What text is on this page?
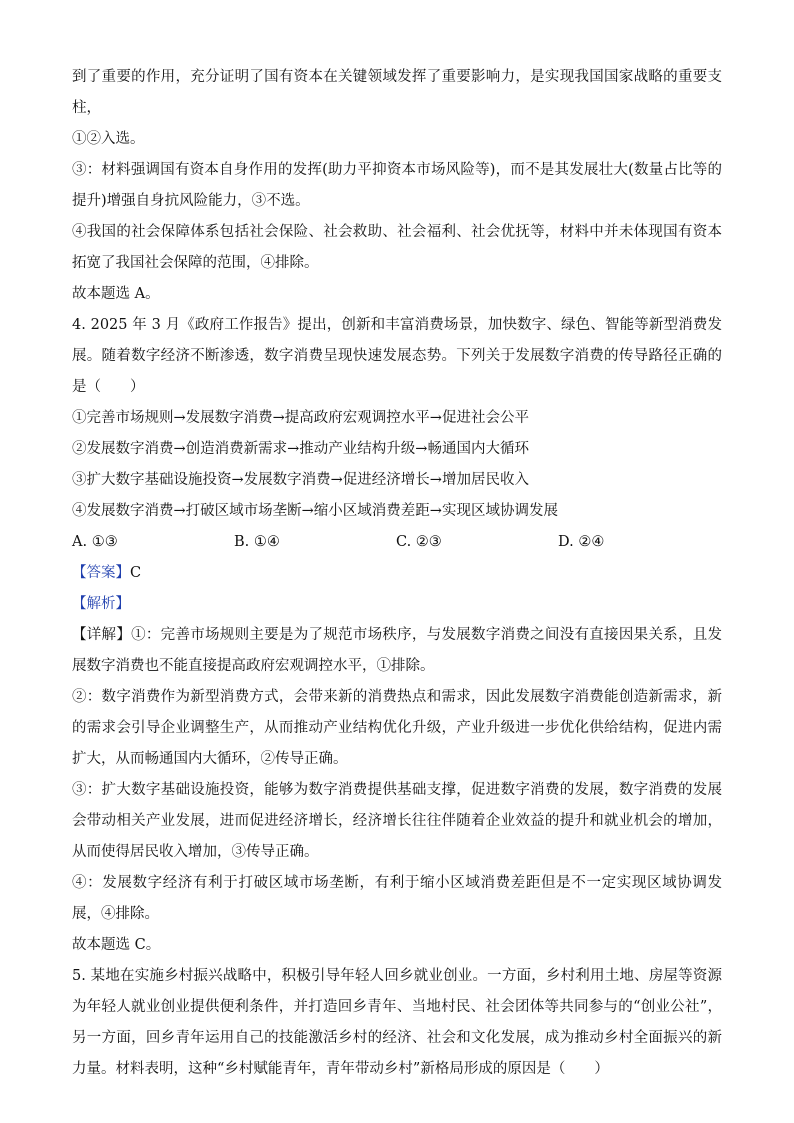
到了重要的作用，充分证明了国有资本在关键领域发挥了重要影响力，是实现我国国家战略的重要支柱，

①②入选。

③：材料强调国有资本自身作用的发挥(助力平抑资本市场风险等)，而不是其发展壮大(数量占比等的提升)增强自身抗风险能力，③不选。

④我国的社会保障体系包括社会保险、社会救助、社会福利、社会优抚等，材料中并未体现国有资本拓宽了我国社会保障的范围，④排除。

故本题选 A。

4. 2025 年 3 月《政府工作报告》提出，创新和丰富消费场景，加快数字、绿色、智能等新型消费发展。随着数字经济不断渗透，数字消费呈现快速发展态势。下列关于发展数字消费的传导路径正确的是（　　）

①完善市场规则→发展数字消费→提高政府宏观调控水平→促进社会公平

②发展数字消费→创造消费新需求→推动产业结构升级→畅通国内大循环

③扩大数字基础设施投资→发展数字消费→促进经济增长→增加居民收入

④发展数字消费→打破区域市场垄断→缩小区域消费差距→实现区域协调发展

A. ①③	B. ①④	C. ②③	D. ②④

【答案】C

【解析】

【详解】①：完善市场规则主要是为了规范市场秩序，与发展数字消费之间没有直接因果关系，且发展数字消费也不能直接提高政府宏观调控水平，①排除。

②：数字消费作为新型消费方式，会带来新的消费热点和需求，因此发展数字消费能创造新需求，新的需求会引导企业调整生产，从而推动产业结构优化升级，产业升级进一步优化供给结构，促进内需扩大，从而畅通国内大循环，②传导正确。

③：扩大数字基础设施投资，能够为数字消费提供基础支撑，促进数字消费的发展，数字消费的发展会带动相关产业发展，进而促进经济增长，经济增长往往伴随着企业效益的提升和就业机会的增加，从而使得居民收入增加，③传导正确。

④：发展数字经济有利于打破区域市场垄断，有利于缩小区域消费差距但是不一定实现区域协调发展，④排除。

故本题选 C。

5. 某地在实施乡村振兴战略中，积极引导年轻人回乡就业创业。一方面，乡村利用土地、房屋等资源为年轻人就业创业提供便利条件，并打造回乡青年、当地村民、社会团体等共同参与的“创业公社”，另一方面，回乡青年运用自己的技能激活乡村的经济、社会和文化发展，成为推动乡村全面振兴的新力量。材料表明，这种“乡村赋能青年，青年带动乡村”新格局形成的原因是（　　）
